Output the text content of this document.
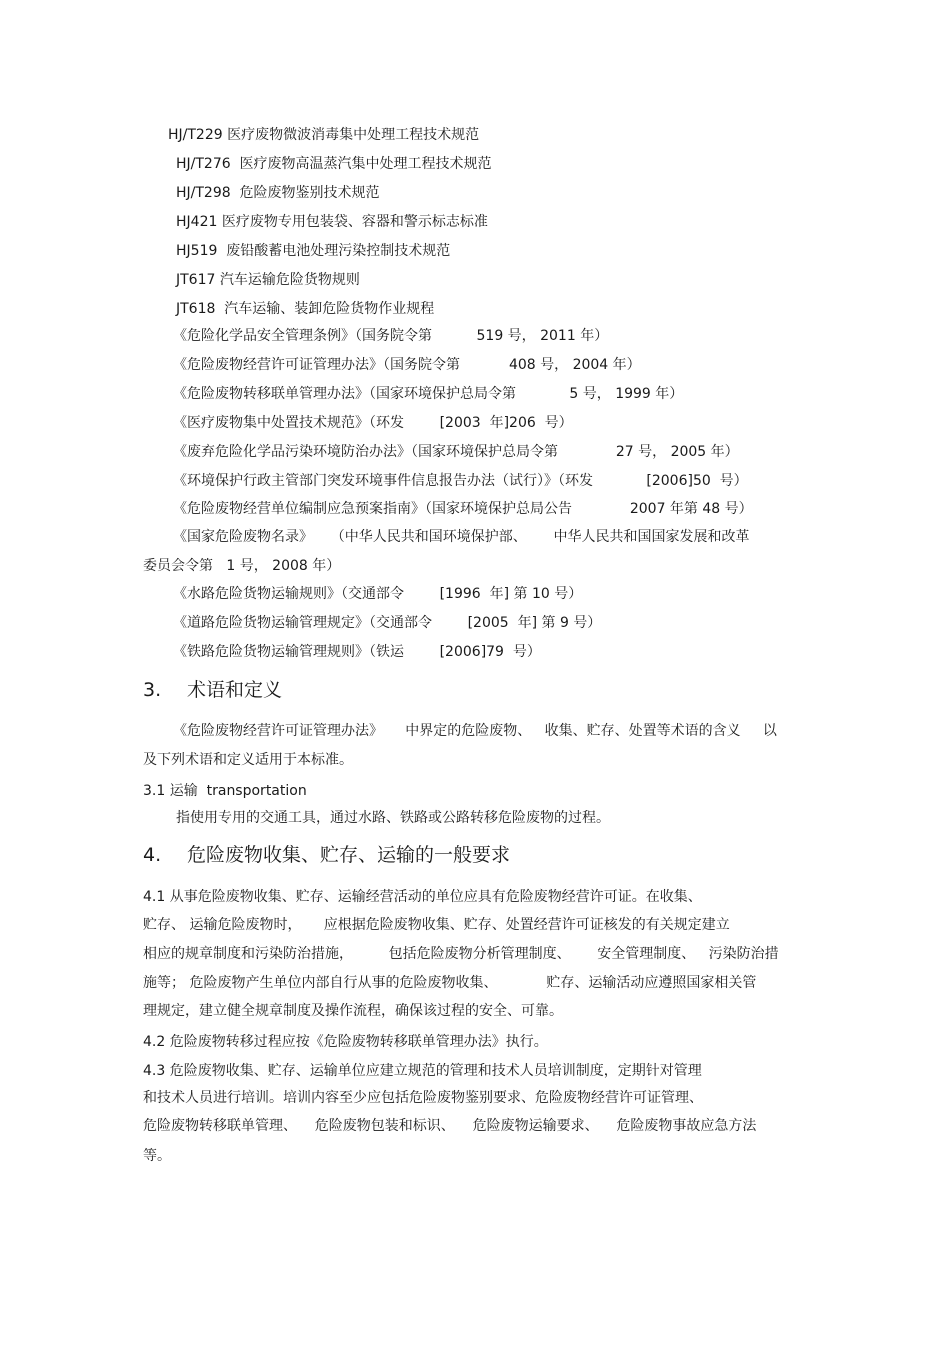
HJ/T229 医疗废物微波消毒集中处理工程技术规范
HJ/T276  医疗废物高温蒸汽集中处理工程技术规范
HJ/T298  危险废物鉴别技术规范
HJ421 医疗废物专用包装袋、容器和警示标志标准
HJ519  废铅酸蓄电池处理污染控制技术规范
JT617 汽车运输危险货物规则
JT618  汽车运输、装卸危险货物作业规程
《危险化学品安全管理条例》（国务院令第          519 号， 2011 年）
《危险废物经营许可证管理办法》（国务院令第           408 号， 2004 年）
《危险废物转移联单管理办法》（国家环境保护总局令第            5 号， 1999 年）
《医疗废物集中处置技术规范》（环发        [2003  年]206  号）
《废弃危险化学品污染环境防治办法》（国家环境保护总局令第             27 号， 2005 年）
《环境保护行政主管部门突发环境事件信息报告办法（试行）》（环发            [2006]50  号）
《危险废物经营单位编制应急预案指南》（国家环境保护总局公告             2007 年第 48 号）
《国家危险废物名录》    （中华人民共和国环境保护部、      中华人民共和国国家发展和改革
委员会令第   1 号， 2008 年）
《水路危险货物运输规则》（交通部令        [1996  年] 第 10 号）
《道路危险货物运输管理规定》（交通部令        [2005  年] 第 9 号）
《铁路危险货物运输管理规则》（铁运        [2006]79  号）
3. 术语和定义
《危险废物经营许可证管理办法》     中界定的危险废物、   收集、贮存、处置等术语的含义     以
及下列术语和定义适用于本标准。
3.1 运输  transportation
指使用专用的交通工具，通过水路、铁路或公路转移危险废物的过程。
4. 危险废物收集、贮存、运输的一般要求
4.1 从事危险废物收集、贮存、运输经营活动的单位应具有危险废物经营许可证。在收集、
贮存、 运输危险废物时，     应根据危险废物收集、贮存、处置经营许可证核发的有关规定建立
相应的规章制度和污染防治措施，        包括危险废物分析管理制度、      安全管理制度、   污染防治措
施等； 危险废物产生单位内部自行从事的危险废物收集、           贮存、运输活动应遵照国家相关管
理规定，建立健全规章制度及操作流程，确保该过程的安全、可靠。
4.2 危险废物转移过程应按《危险废物转移联单管理办法》执行。
4.3 危险废物收集、贮存、运输单位应建立规范的管理和技术人员培训制度，定期针对管理
和技术人员进行培训。培训内容至少应包括危险废物鉴别要求、危险废物经营许可证管理、
危险废物转移联单管理、    危险废物包装和标识、    危险废物运输要求、    危险废物事故应急方法
等。
